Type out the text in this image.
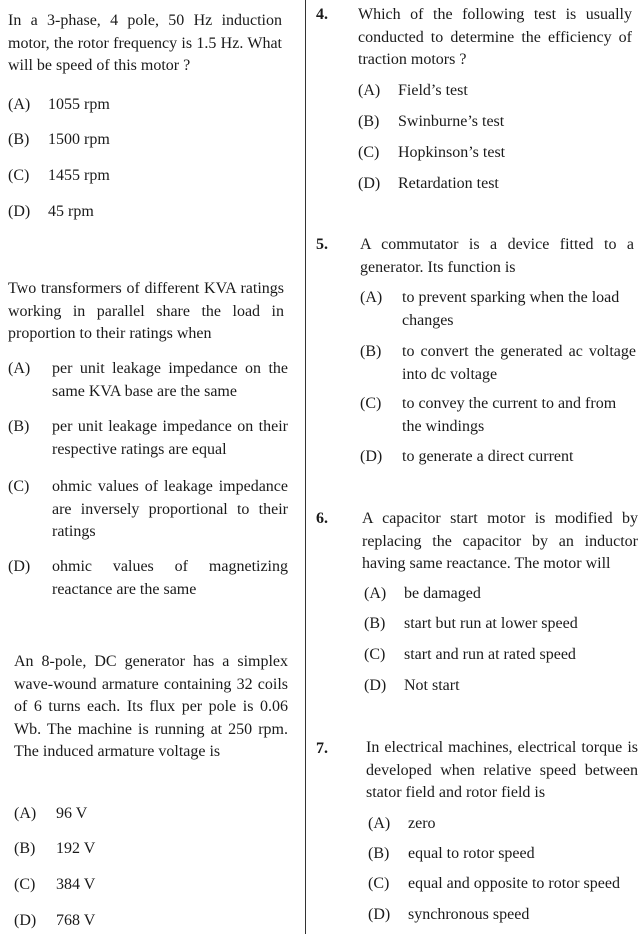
In a 3-phase, 4 pole, 50 Hz induction motor, the rotor frequency is 1.5 Hz. What will be speed of this motor ?
(A)	1055 rpm
(B)	1500 rpm
(C)	1455 rpm
(D)	45 rpm
Two transformers of different KVA ratings working in parallel share the load in proportion to their ratings when
(A)	per unit leakage impedance on the same KVA base are the same
(B)	per unit leakage impedance on their respective ratings are equal
(C)	ohmic values of leakage impedance are inversely proportional to their ratings
(D)	ohmic values of magnetizing reactance are the same
An 8-pole, DC generator has a simplex wave-wound armature containing 32 coils of 6 turns each. Its flux per pole is 0.06 Wb. The machine is running at 250 rpm. The induced armature voltage is
(A)	96 V
(B)	192 V
(C)	384 V
(D)	768 V
4. Which of the following test is usually conducted to determine the efficiency of traction motors ?
(A)	Field’s test
(B)	Swinburne’s test
(C)	Hopkinson’s test
(D)	Retardation test
5. A commutator is a device fitted to a generator. Its function is
(A)	to prevent sparking when the load changes
(B)	to convert the generated ac voltage into dc voltage
(C)	to convey the current to and from the windings
(D)	to generate a direct current
6. A capacitor start motor is modified by replacing the capacitor by an inductor having same reactance. The motor will
(A)	be damaged
(B)	start but run at lower speed
(C)	start and run at rated speed
(D)	Not start
7. In electrical machines, electrical torque is developed when relative speed between stator field and rotor field is
(A)	zero
(B)	equal to rotor speed
(C)	equal and opposite to rotor speed
(D)	synchronous speed
